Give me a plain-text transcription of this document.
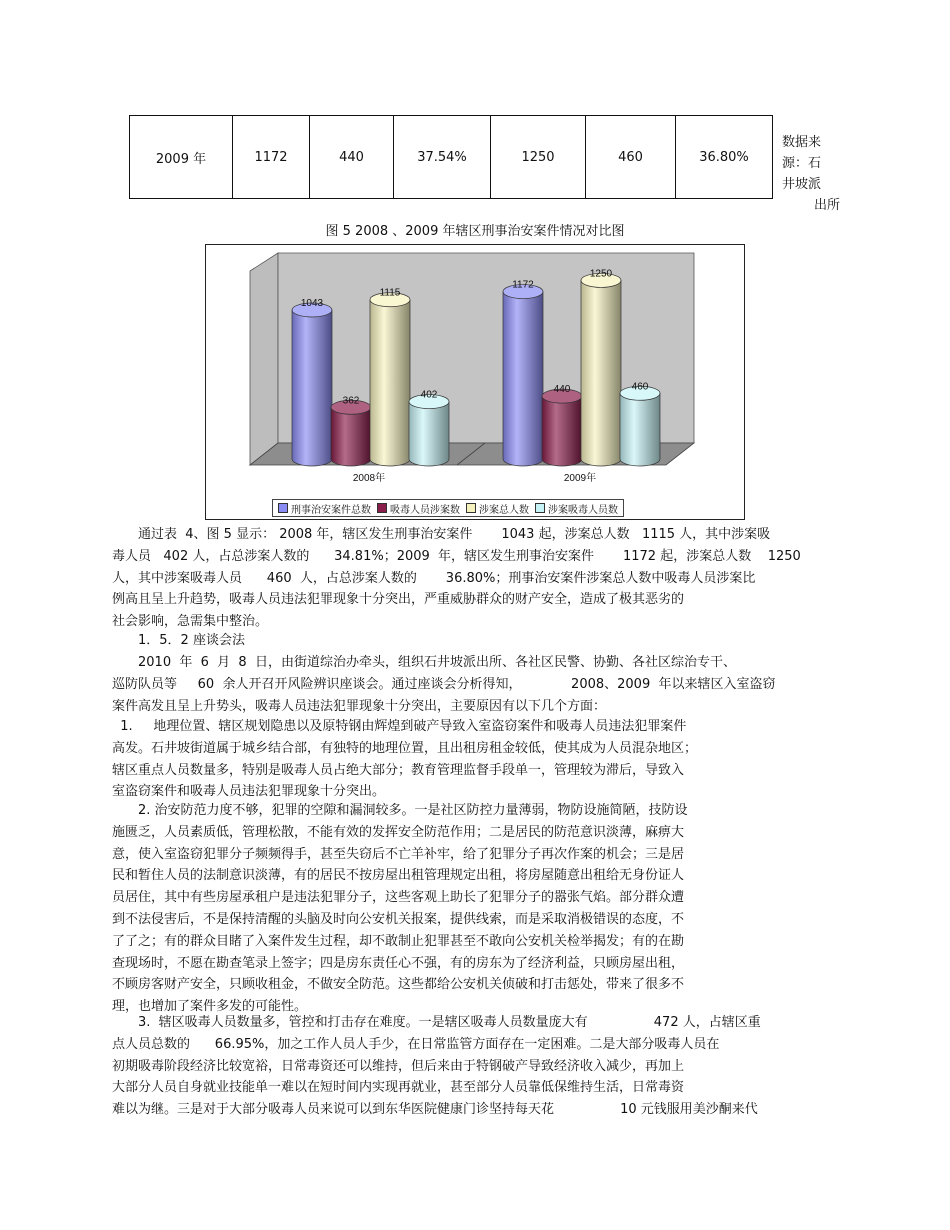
2009 年	1172	440	37.54%	1250	460	36.80%
数据来
源：石
井坡派
出所
图 5 2008 、2009 年辖区刑事治安案件情况对比图
1043
362
1115
402
2008年
1172
440
1250
460
2009年
刑事治安案件总数 吸毒人员涉案数 涉案总人数 涉案吸毒人员数
　　通过表  4、图 5 显示： 2008 年，辖区发生刑事治安案件       1043 起，涉案总人数   1115 人，其中涉案吸
毒人员   402 人，占总涉案人数的      34.81%；2009  年，辖区发生刑事治安案件       1172 起，涉案总人数    1250
人，其中涉案吸毒人员      460  人，占总涉案人数的       36.80%；刑事治安案件涉案总人数中吸毒人员涉案比
例高且呈上升趋势，吸毒人员违法犯罪现象十分突出，严重威胁群众的财产安全，造成了极其恶劣的
社会影响，急需集中整治。
　　1．5．2 座谈会法
　　2010  年  6  月  8  日，由街道综治办牵头，组织石井坡派出所、各社区民警、协勤、各社区综治专干、
巡防队员等     60  余人开召开风险辨识座谈会。通过座谈会分析得知，            2008、2009  年以来辖区入室盗窃
案件高发且呈上升势头，吸毒人员违法犯罪现象十分突出，主要原因有以下几个方面：
1.     地理位置、辖区规划隐患以及原特钢由辉煌到破产导致入室盗窃案件和吸毒人员违法犯罪案件
高发。石井坡街道属于城乡结合部，有独特的地理位置，且出租房租金较低，使其成为人员混杂地区；
辖区重点人员数量多，特别是吸毒人员占绝大部分；教育管理监督手段单一，管理较为滞后，导致入
室盗窃案件和吸毒人员违法犯罪现象十分突出。
　　2. 治安防范力度不够，犯罪的空隙和漏洞较多。一是社区防控力量薄弱，物防设施简陋，技防设
施匮乏，人员素质低，管理松散，不能有效的发挥安全防范作用；二是居民的防范意识淡薄，麻痹大
意，使入室盗窃犯罪分子频频得手，甚至失窃后不亡羊补牢，给了犯罪分子再次作案的机会；三是居
民和暂住人员的法制意识淡薄，有的居民不按房屋出租管理规定出租，将房屋随意出租给无身份证人
员居住，其中有些房屋承租户是违法犯罪分子，这些客观上助长了犯罪分子的嚣张气焰。部分群众遭
到不法侵害后，不是保持清醒的头脑及时向公安机关报案，提供线索，而是采取消极错误的态度，不
了了之；有的群众目睹了入案件发生过程，却不敢制止犯罪甚至不敢向公安机关检举揭发；有的在勘
查现场时，不愿在勘查笔录上签字；四是房东责任心不强，有的房东为了经济利益，只顾房屋出租，
不顾房客财产安全，只顾收租金，不做安全防范。这些都给公安机关侦破和打击惩处，带来了很多不
理，也增加了案件多发的可能性。
　　3.  辖区吸毒人员数量多，管控和打击存在难度。一是辖区吸毒人员数量庞大有                472 人，占辖区重
点人员总数的      66.95%，加之工作人员人手少，在日常监管方面存在一定困难。二是大部分吸毒人员在
初期吸毒阶段经济比较宽裕，日常毒资还可以维持，但后来由于特钢破产导致经济收入减少，再加上
大部分人员自身就业技能单一难以在短时间内实现再就业，甚至部分人员靠低保维持生活，日常毒资
难以为继。三是对于大部分吸毒人员来说可以到东华医院健康门诊坚持每天花                10 元钱服用美沙酮来代
